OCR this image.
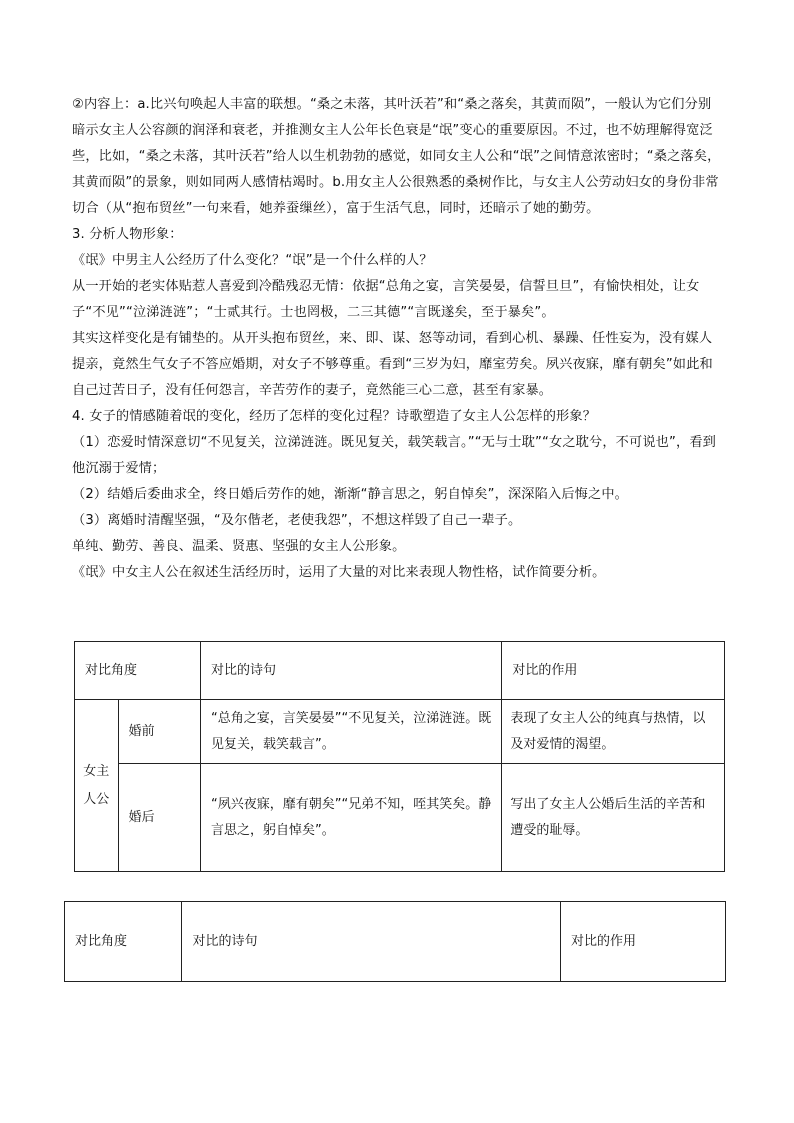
②内容上：a.比兴句唤起人丰富的联想。“桑之未落，其叶沃若”和“桑之落矣，其黄而陨”，一般认为它们分别暗示女主人公容颜的润泽和衰老，并推测女主人公年长色衰是“氓”变心的重要原因。不过，也不妨理解得宽泛些，比如，“桑之未落，其叶沃若”给人以生机勃勃的感觉，如同女主人公和“氓”之间情意浓密时；“桑之落矣，其黄而陨”的景象，则如同两人感情枯竭时。b.用女主人公很熟悉的桑树作比，与女主人公劳动妇女的身份非常切合（从“抱布贸丝”一句来看，她养蚕缫丝），富于生活气息，同时，还暗示了她的勤劳。

3. 分析人物形象：

《氓》中男主人公经历了什么变化？“氓”是一个什么样的人？

从一开始的老实体贴惹人喜爱到冷酷残忍无情：依据“总角之宴，言笑晏晏，信誓旦旦”，有愉快相处，让女子“不见”“泣涕涟涟”；“士贰其行。士也罔极，二三其德”“言既遂矣，至于暴矣”。

其实这样变化是有铺垫的。从开头抱布贸丝，来、即、谋、怒等动词，看到心机、暴躁、任性妄为，没有媒人提亲，竟然生气女子不答应婚期，对女子不够尊重。看到“三岁为妇，靡室劳矣。夙兴夜寐，靡有朝矣”如此和自己过苦日子，没有任何怨言，辛苦劳作的妻子，竟然能三心二意，甚至有家暴。

4. 女子的情感随着氓的变化，经历了怎样的变化过程？诗歌塑造了女主人公怎样的形象？

（1）恋爱时情深意切“不见复关，泣涕涟涟。既见复关，载笑载言。”“无与士耽”“女之耽兮，不可说也”，看到他沉溺于爱情；

（2）结婚后委曲求全，终日婚后劳作的她，渐渐“静言思之，躬自悼矣”，深深陷入后悔之中。

（3）离婚时清醒坚强，“及尔偕老，老使我怨”，不想这样毁了自己一辈子。

单纯、勤劳、善良、温柔、贤惠、坚强的女主人公形象。

《氓》中女主人公在叙述生活经历时，运用了大量的对比来表现人物性格，试作简要分析。

对比角度		对比的诗句	对比的作用

女主人公	婚前	“总角之宴，言笑晏晏”“不见复关，泣涕涟涟。既见复关，载笑载言”。	表现了女主人公的纯真与热情，以及对爱情的渴望。

	婚后	“夙兴夜寐，靡有朝矣”“兄弟不知，咥其笑矣。静言思之，躬自悼矣”。	写出了女主人公婚后生活的辛苦和遭受的耻辱。
对比角度	对比的诗句	对比的作用
